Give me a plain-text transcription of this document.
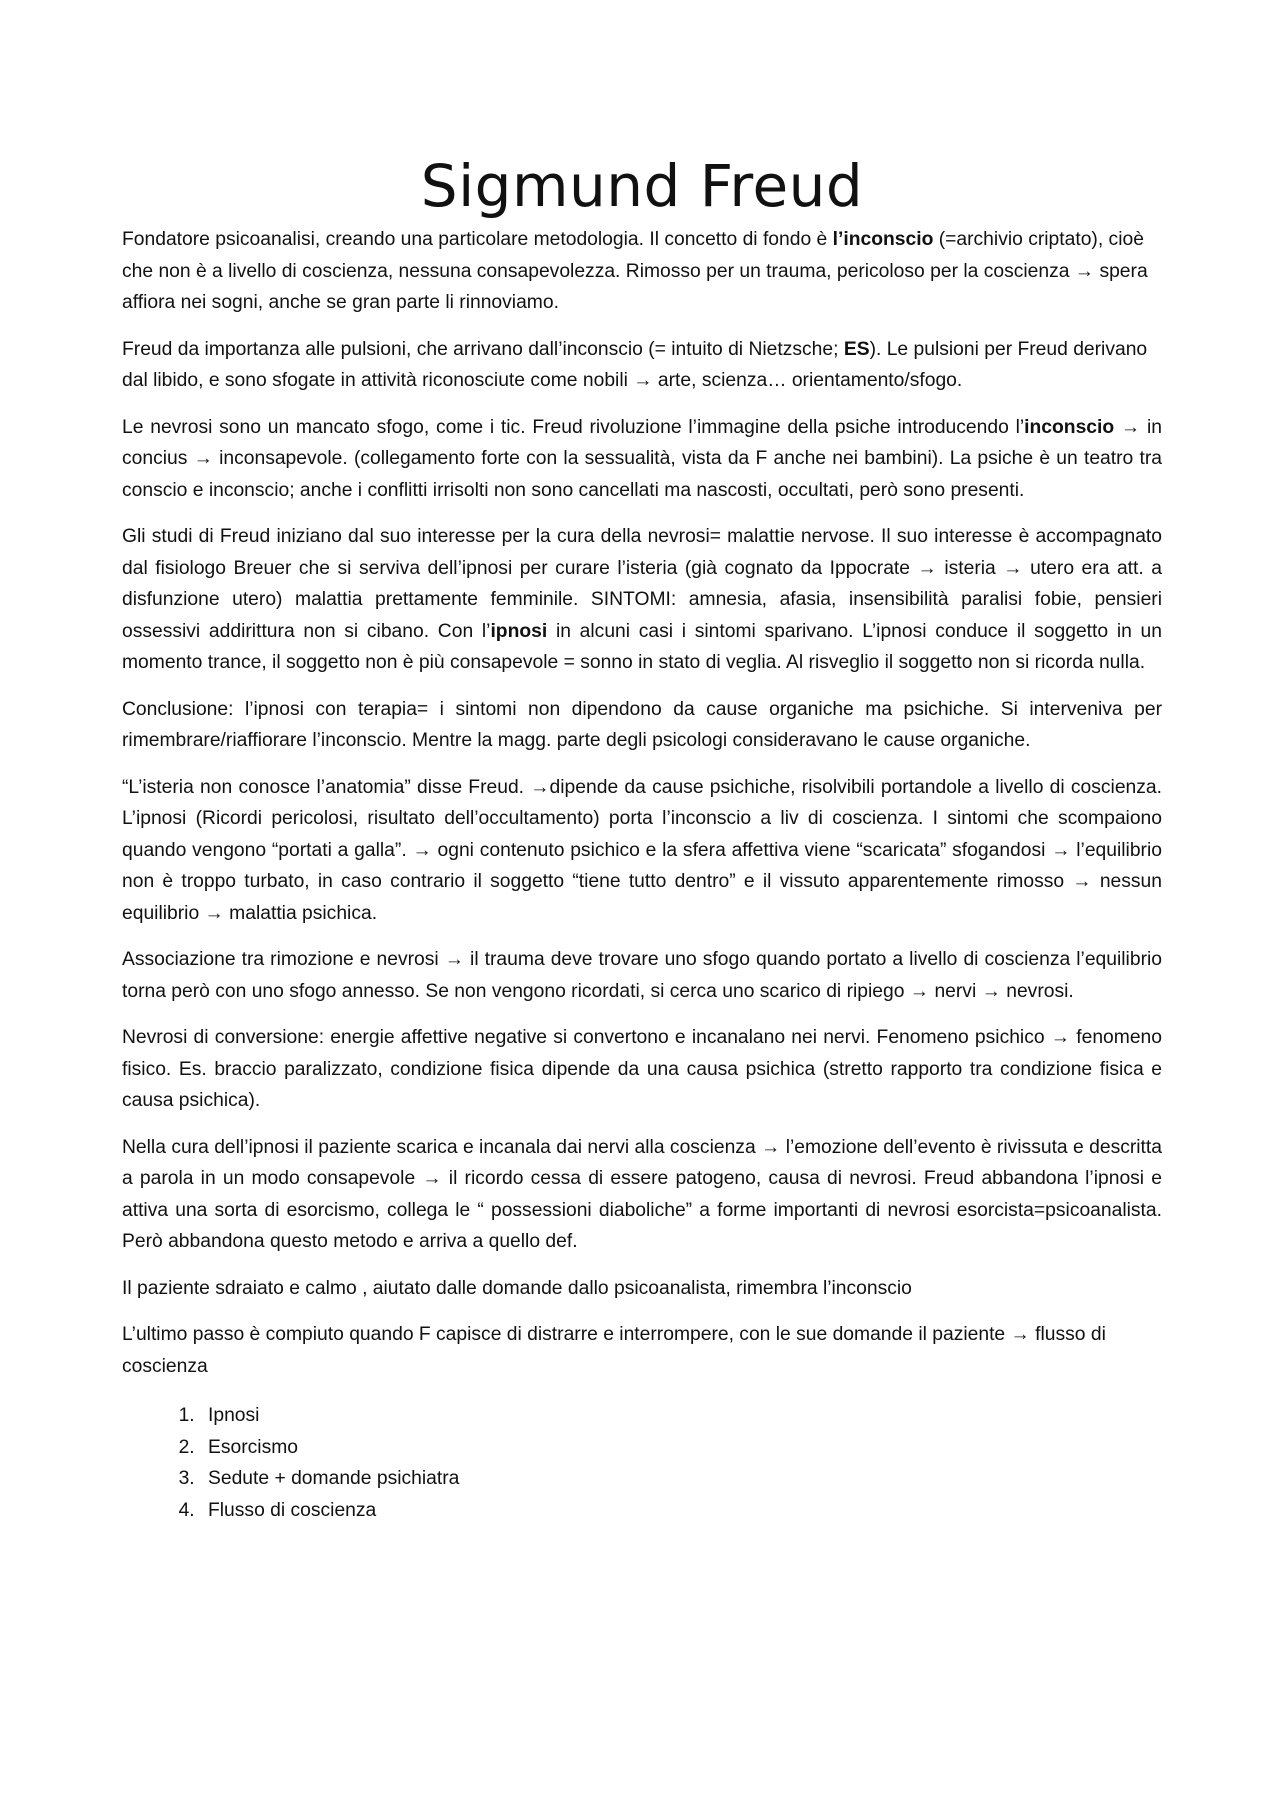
Sigmund Freud

Fondatore psicoanalisi, creando una particolare metodologia. Il concetto di fondo è l’inconscio (=archivio criptato), cioè che non è a livello di coscienza, nessuna consapevolezza. Rimosso per un trauma, pericoloso per la coscienza → spera affiora nei sogni, anche se gran parte li rinnoviamo.

Freud da importanza alle pulsioni, che arrivano dall’inconscio (= intuito di Nietzsche; ES). Le pulsioni per Freud derivano dal libido, e sono sfogate in attività riconosciute come nobili → arte, scienza… orientamento/sfogo.

Le nevrosi sono un mancato sfogo, come i tic. Freud rivoluzione l’immagine della psiche introducendo l’inconscio → in concius → inconsapevole. (collegamento forte con la sessualità, vista da F anche nei bambini). La psiche è un teatro tra conscio e inconscio; anche i conflitti irrisolti non sono cancellati ma nascosti, occultati, però sono presenti.

Gli studi di Freud iniziano dal suo interesse per la cura della nevrosi= malattie nervose. Il suo interesse è accompagnato dal fisiologo Breuer che si serviva dell’ipnosi per curare l’isteria (già cognato da Ippocrate → isteria → utero era att. a disfunzione utero) malattia prettamente femminile. SINTOMI: amnesia, afasia, insensibilità paralisi fobie, pensieri ossessivi addirittura non si cibano. Con l’ipnosi in alcuni casi i sintomi sparivano. L’ipnosi conduce il soggetto in un momento trance, il soggetto non è più consapevole = sonno in stato di veglia. Al risveglio il soggetto non si ricorda nulla.

Conclusione: l’ipnosi con terapia= i sintomi non dipendono da cause organiche ma psichiche. Si interveniva per rimembrare/riaffiorare l’inconscio. Mentre la magg. parte degli psicologi consideravano le cause organiche.

“L’isteria non conosce l’anatomia” disse Freud. →dipende da cause psichiche, risolvibili portandole a livello di coscienza. L’ipnosi (Ricordi pericolosi, risultato dell’occultamento) porta l’inconscio a liv di coscienza. I sintomi che scompaiono quando vengono “portati a galla”. → ogni contenuto psichico e la sfera affettiva viene “scaricata” sfogandosi → l’equilibrio non è troppo turbato, in caso contrario il soggetto “tiene tutto dentro” e il vissuto apparentemente rimosso → nessun equilibrio → malattia psichica.

Associazione tra rimozione e nevrosi → il trauma deve trovare uno sfogo quando portato a livello di coscienza l’equilibrio torna però con uno sfogo annesso. Se non vengono ricordati, si cerca uno scarico di ripiego → nervi → nevrosi.

Nevrosi di conversione: energie affettive negative si convertono e incanalano nei nervi. Fenomeno psichico → fenomeno fisico. Es. braccio paralizzato, condizione fisica dipende da una causa psichica (stretto rapporto tra condizione fisica e causa psichica).

Nella cura dell’ipnosi il paziente scarica e incanala dai nervi alla coscienza → l’emozione dell’evento è rivissuta e descritta a parola in un modo consapevole → il ricordo cessa di essere patogeno, causa di nevrosi. Freud abbandona l’ipnosi e attiva una sorta di esorcismo, collega le “ possessioni diaboliche” a forme importanti di nevrosi esorcista=psicoanalista. Però abbandona questo metodo e arriva a quello def.

Il paziente sdraiato e calmo , aiutato dalle domande dallo psicoanalista, rimembra l’inconscio

L’ultimo passo è compiuto quando F capisce di distrarre e interrompere, con le sue domande il paziente → flusso di coscienza

1. Ipnosi
2. Esorcismo
3. Sedute + domande psichiatra
4. Flusso di coscienza
